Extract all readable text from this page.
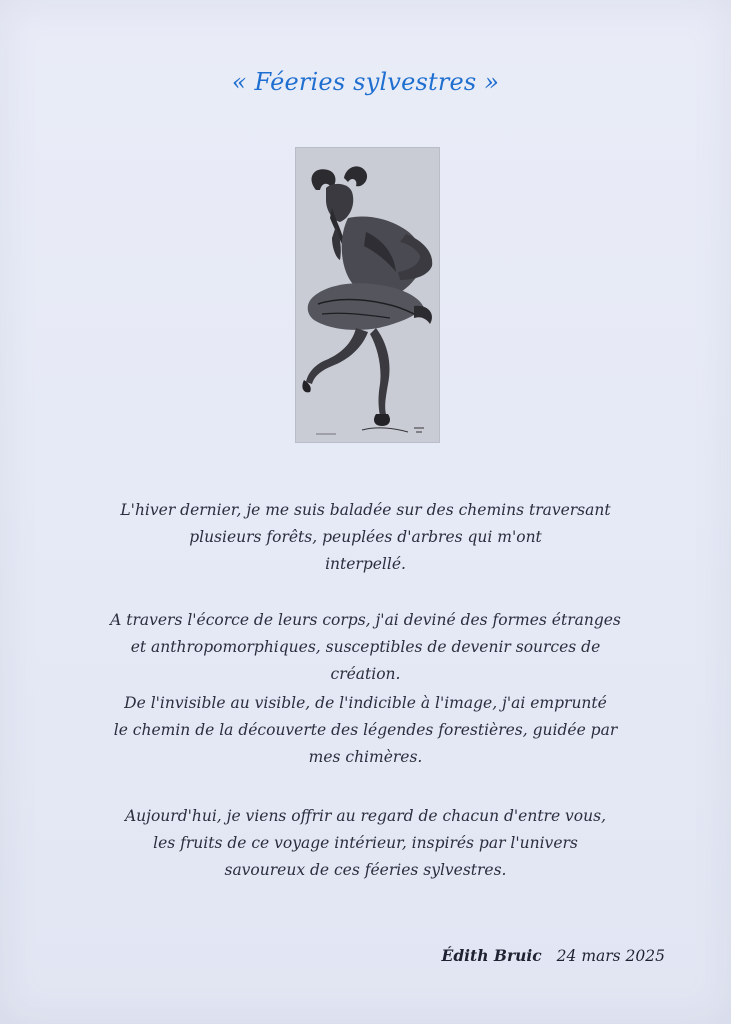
« Féeries sylvestres »
L'hiver dernier, je me suis baladée sur des chemins traversant
plusieurs forêts, peuplées d'arbres qui m'ont
interpellé.
A travers l'écorce de leurs corps, j'ai deviné des formes étranges
et anthropomorphiques, susceptibles de devenir sources de
création.
De l'invisible au visible, de l'indicible à l'image, j'ai emprunté
le chemin de la découverte des légendes forestières, guidée par
mes chimères.
Aujourd'hui, je viens offrir au regard de chacun d'entre vous,
les fruits de ce voyage intérieur, inspirés par l'univers
savoureux de ces féeries sylvestres.
Édith Bruic 24 mars 2025
